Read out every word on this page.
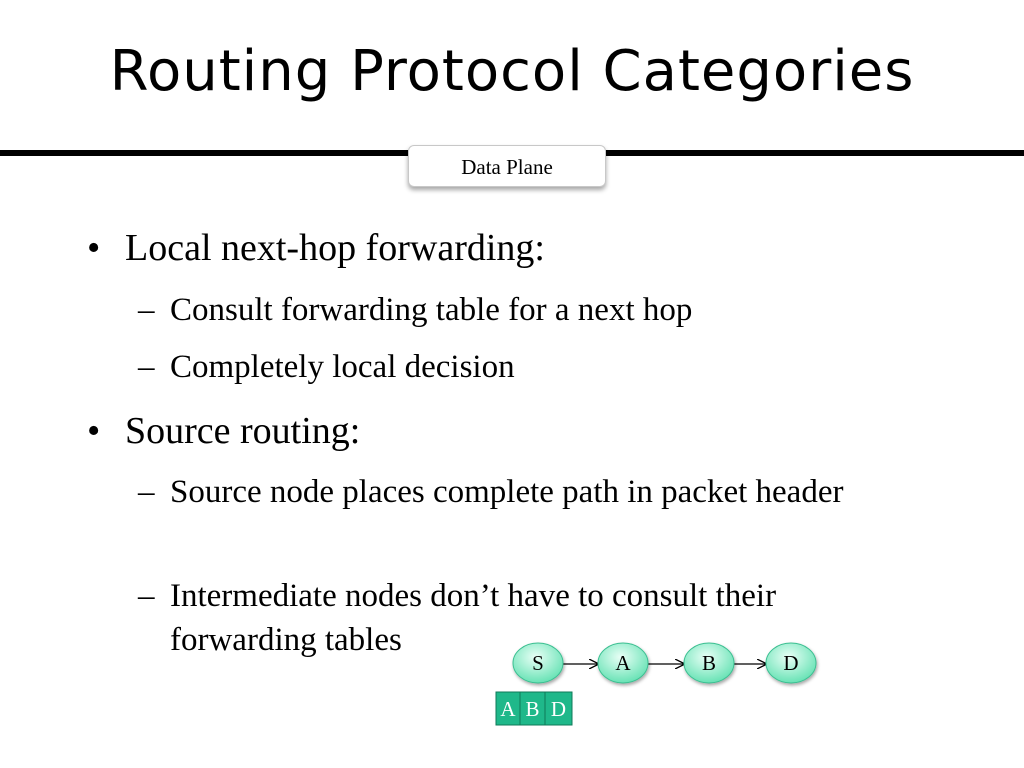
Routing Protocol Categories
Data Plane
• Local next-hop forwarding:
– Consult forwarding table for a next hop
– Completely local decision
• Source routing:
– Source node places complete path in packet header
– Intermediate nodes don’t have to consult their forwarding tables
S	A	B	D
A B D
